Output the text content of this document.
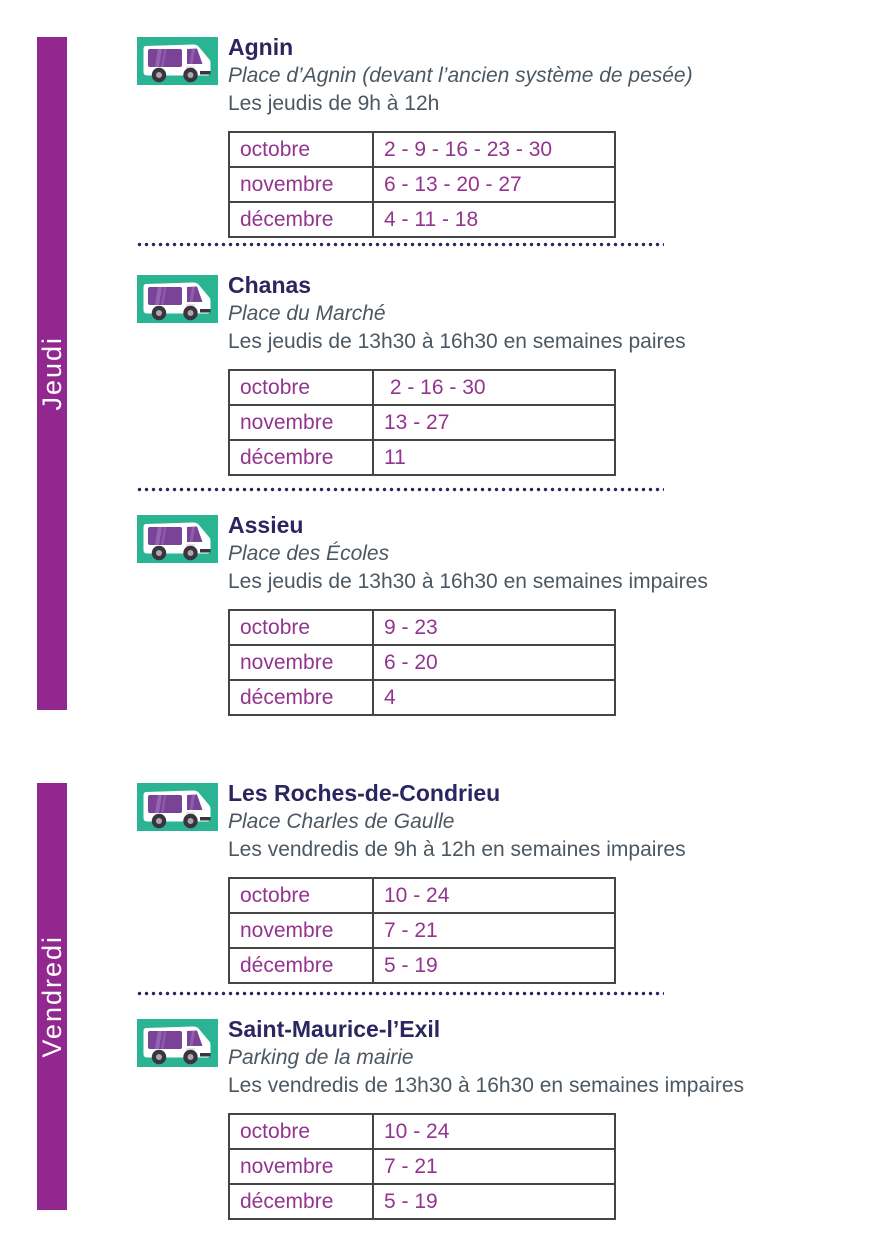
Jeudi
Vendredi
Agnin
Place d’Agnin (devant l’ancien système de pesée)
Les jeudis de 9h à 12h
octobre	2 - 9 - 16 - 23 - 30
novembre	6 - 13 - 20 - 27
décembre	4 - 11 - 18
Chanas
Place du Marché
Les jeudis de 13h30 à 16h30 en semaines paires
octobre	2 - 16 - 30
novembre	13 - 27
décembre	11
Assieu
Place des Écoles
Les jeudis de 13h30 à 16h30 en semaines impaires
octobre	9 - 23
novembre	6 - 20
décembre	4
Les Roches-de-Condrieu
Place Charles de Gaulle
Les vendredis de 9h à 12h en semaines impaires
octobre	10 - 24
novembre	7 - 21
décembre	5 - 19
Saint-Maurice-l’Exil
Parking de la mairie
Les vendredis de 13h30 à 16h30 en semaines impaires
octobre	10 - 24
novembre	7 - 21
décembre	5 - 19
